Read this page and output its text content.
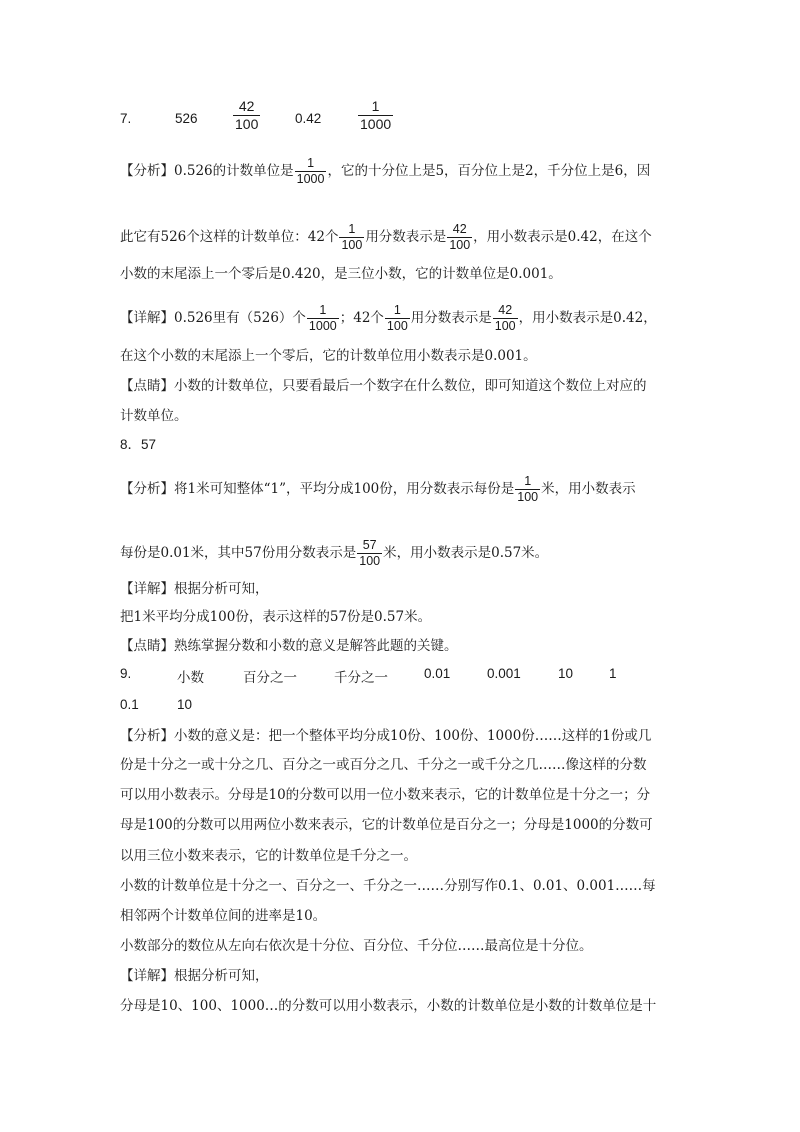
7.	526	$\frac{42}{100}$	0.42	$\frac{1}{1000}$
【分析】0.526的计数单位是 $\frac{1}{1000}$ ，它的十分位上是5，百分位上是2，千分位上是6，因
此它有526个这样的计数单位：42个 $\frac{1}{100}$ 用分数表示是 $\frac{42}{100}$ ，用小数表示是0.42，在这个
小数的末尾添上一个零后是0.420，是三位小数，它的计数单位是0.001。
【详解】0.526里有（526）个 $\frac{1}{1000}$ ；42个 $\frac{1}{100}$ 用分数表示是 $\frac{42}{100}$ ，用小数表示是0.42，
在这个小数的末尾添上一个零后，它的计数单位用小数表示是0.001。
【点睛】小数的计数单位，只要看最后一个数字在什么数位，即可知道这个数位上对应的
计数单位。
8．57
【分析】将1米可知整体“1”，平均分成100份，用分数表示每份是 $\frac{1}{100}$ 米，用小数表示
每份是0.01米，其中57份用分数表示是 $\frac{57}{100}$ 米，用小数表示是0.57米。
【详解】根据分析可知，
把1米平均分成100份，表示这样的57份是0.57米。
【点睛】熟练掌握分数和小数的意义是解答此题的关键。
9.	小数	百分之一	千分之一	0.01	0.001	10	1
0.1	10
【分析】小数的意义是：把一个整体平均分成10份、100份、1000份……这样的1份或几
份是十分之一或十分之几、百分之一或百分之几、千分之一或千分之几……像这样的分数
可以用小数表示。分母是10的分数可以用一位小数来表示，它的计数单位是十分之一；分
母是100的分数可以用两位小数来表示，它的计数单位是百分之一；分母是1000的分数可
以用三位小数来表示，它的计数单位是千分之一。
小数的计数单位是十分之一、百分之一、千分之一……分别写作0.1、0.01、0.001……每
相邻两个计数单位间的进率是10。
小数部分的数位从左向右依次是十分位、百分位、千分位……最高位是十分位。
【详解】根据分析可知，
分母是10、100、1000…的分数可以用小数表示，小数的计数单位是小数的计数单位是十
